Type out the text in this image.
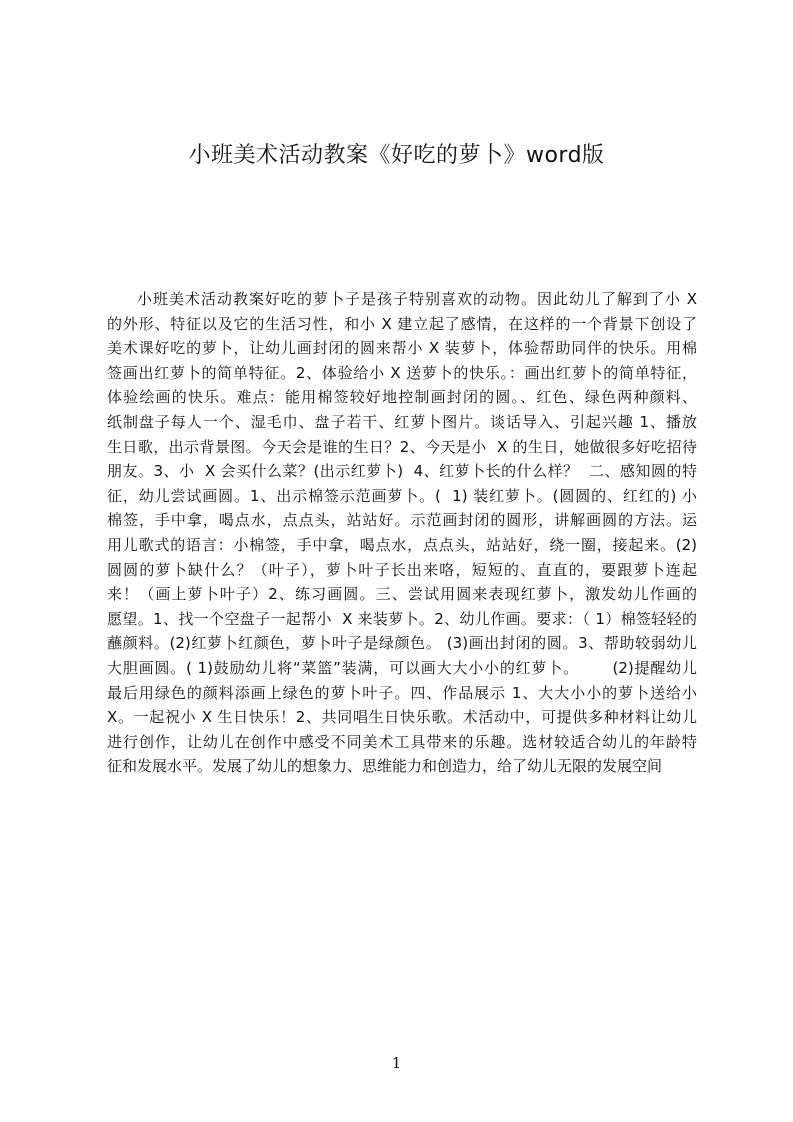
小班美术活动教案《好吃的萝卜》word版
小班美术活动教案好吃的萝卜子是孩子特别喜欢的动物。因此幼儿了解到了小 X
的外形、特征以及它的生活习性，和小 X 建立起了感情，在这样的一个背景下创设了
美术课好吃的萝卜，让幼儿画封闭的圆来帮小 X 装萝卜，体验帮助同伴的快乐。用棉
签画出红萝卜的简单特征。2、体验给小 X 送萝卜的快乐。：画出红萝卜的简单特征，
体验绘画的快乐。难点：能用棉签较好地控制画封闭的圆。、红色、绿色两种颜料、
纸制盘子每人一个、湿毛巾、盘子若干、红萝卜图片。谈话导入、引起兴趣 1、播放
生日歌，出示背景图。今天会是谁的生日？2、今天是小  X 的生日，她做很多好吃招待
朋友。3、小  X 会买什么菜？(出示红萝卜)  4、红萝卜长的什么样？  二、感知圆的特
征，幼儿尝试画圆。1、出示棉签示范画萝卜。(  1) 装红萝卜。(圆圆的、红红的) 小
棉签，手中拿，喝点水，点点头，站站好。示范画封闭的圆形，讲解画圆的方法。运
用儿歌式的语言：小棉签，手中拿，喝点水，点点头，站站好，绕一圈，接起来。(2)
圆圆的萝卜缺什么？（叶子），萝卜叶子长出来咯，短短的、直直的，要跟萝卜连起
来！（画上萝卜叶子）2、练习画圆。三、尝试用圆来表现红萝卜，激发幼儿作画的
愿望。1、找一个空盘子一起帮小  X 来装萝卜。2、幼儿作画。要求：（ 1）棉签轻轻的
蘸颜料。(2)红萝卜红颜色，萝卜叶子是绿颜色。 (3)画出封闭的圆。3、帮助较弱幼儿
大胆画圆。( 1)鼓励幼儿将“菜篮”装满，可以画大大小小的红萝卜。      (2)提醒幼儿
最后用绿色的颜料添画上绿色的萝卜叶子。四、作品展示 1、大大小小的萝卜送给小
X。一起祝小 X 生日快乐！2、共同唱生日快乐歌。术活动中，可提供多种材料让幼儿
进行创作，让幼儿在创作中感受不同美术工具带来的乐趣。选材较适合幼儿的年龄特
征和发展水平。发展了幼儿的想象力、思维能力和创造力，给了幼儿无限的发展空间
1
